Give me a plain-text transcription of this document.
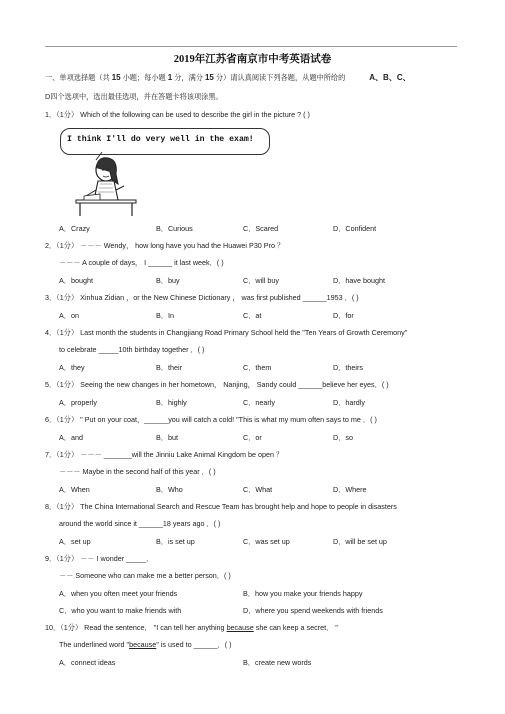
2019年江苏省南京市中考英语试卷
一、单项选择题（共 15 小题；每小题 1 分，满分 15 分）请认真阅读下列各题，从题中所给的	A、B、C、
D四个选项中，选出最佳选项，并在答题卡将该项涂黑。
1．（1分） Which of the following can be used to describe the girl in the picture ? ( )
I think I'll do very well in the exam!
A．Crazy	B．Curious	C．Scared	D．Confident
2．（1分） －－－ Wendy， how long have you had the Huawei P30 Pro ？
－－－ A couple of days， I ______ it last week．( )
A．bought	B．buy	C．will buy	D．have bought
3．（1分） Xinhua Zidian ，or the New Chinese Dictionary ， was first published ______1953 ．( )
A．on	B．In	C．at	D．for
4．（1分） Last month the students in Changjiang Road Primary School held the "Ten Years of Growth Ceremony"
to celebrate _____10th birthday together ．( )
A．they	B．their	C．them	D．theirs
5．（1分） Seeing the new changes in her hometown， Nanjing， Sandy could ______believe her eyes．( )
A．properly	B．highly	C．nearly	D．hardly
6．（1分） " Put on your coat，______you will catch a cold! "This is what my mum often says to me ．( )
A．and	B．but	C．or	D．so
7．（1分） －－－ _______will the Jinniu Lake Animal Kingdom be open ？
－－－ Maybe in the second half of this year ．( )
A．When	B．Who	C．What	D．Where
8．（1分） The China International Search and Rescue Team has brought help and hope to people in disasters
around the world since it ______18 years ago ．( )
A．set up	B．is set up	C．was set up	D．will be set up
9．（1分） －－ I wonder _____．
－－ Someone who can make me a better person．( )
A．when you often meet your friends	B．how you make your friends happy
C．who you want to make friends with	D．where you spend weekends with friends
10．（1分） Read the sentence． "I can tell her anything because she can keep a secret． "
The underlined word "because" is used to ______．( )
A．connect ideas	B．create new words
